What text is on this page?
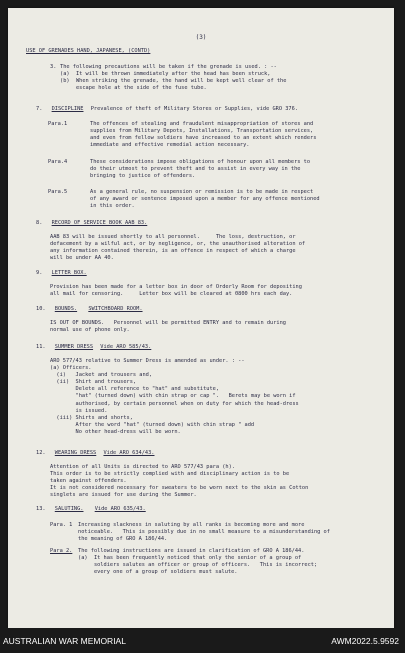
(3)
USE OF GRENADES HAND, JAPANESE, (CONTD)
3. The following precautions will be taken if the grenade is used. : --
(a)  It will be thrown immediately after the head has been struck,
(b)  When striking the grenade, the hand will be kept well clear of the
escape hole at the side of the fuse tube.
7. DISCIPLINE Prevalence of theft of Military Stores or Supplies, vide GRO 376.
Para.1	The offences of stealing and fraudulent misappropriation of stores and
supplies from Military Depots, Installations, Transportation services,
and even from fellow soldiers have increased to an extent which renders
immediate and effective remedial action necessary.
Para.4	These considerations impose obligations of honour upon all members to
do their utmost to prevent theft and to assist in every way in the
bringing to justice of offenders.
Para.5	As a general rule, no suspension or remission is to be made in respect
of any award or sentence imposed upon a member for any offence mentioned
in this order.
8. RECORD OF SERVICE BOOK AAB 83.
AAB 83 will be issued shortly to all personnel.     The loss, destruction, or
defacement by a wilful act, or by negligence, or, the unauthorised alteration of
any information contained therein, is an offence in respect of which a charge
will be under AA 40.
9. LETTER BOX.
Provision has been made for a letter box in door of Orderly Room for depositing
all mail for censoring.     Letter box will be cleared at 0800 hrs each day.
10. BOUNDS. SWITCHBOARD ROOM.
IS OUT OF BOUNDS.   Personnel will be permitted ENTRY and to remain during
normal use of phone only.
11. SUMMER DRESS Vide ARO 585/43.
ARO 577/43 relative to Summer Dress is amended as under. : --
(a) Officers.
(i)   Jacket and trousers and,
(ii)  Shirt and trousers,
Delete all reference to "hat" and substitute,
"hat" (turned down) with chin strap or cap ".   Berets may be worn if
authorised, by certain personnel when on duty for which the head-dress
is issued.
(iii) Shirts and shorts,
After the word "hat" (turned down) with chin strap " add
No other head-dress will be worn.
12. WEARING DRESS Vide ARO 634/43.
Attention of all Units is directed to ARO 577/43 para (h).
This order is to be strictly complied with and disciplinary action is to be
taken against offenders.
It is not considered necessary for sweaters to be worn next to the skin as Cotton
singlets are issued for use during the Summer.
13. SALUTING. Vide ARO 635/43.
Para. 1 Increasing slackness in saluting by all ranks is becoming more and more
noticeable.   This is possibly due in no small measure to a misunderstanding of
the meaning of GRO A 186/44.
Para 2. The following instructions are issued in clarification of GRO A 186/44.
(a)  It has been frequently noticed that only the senior of a group of
soldiers salutes an officer or group of officers.   This is incorrect;
every one of a group of soldiers must salute.
AUSTRALIAN WAR MEMORIAL	AWM2022.5.9592
